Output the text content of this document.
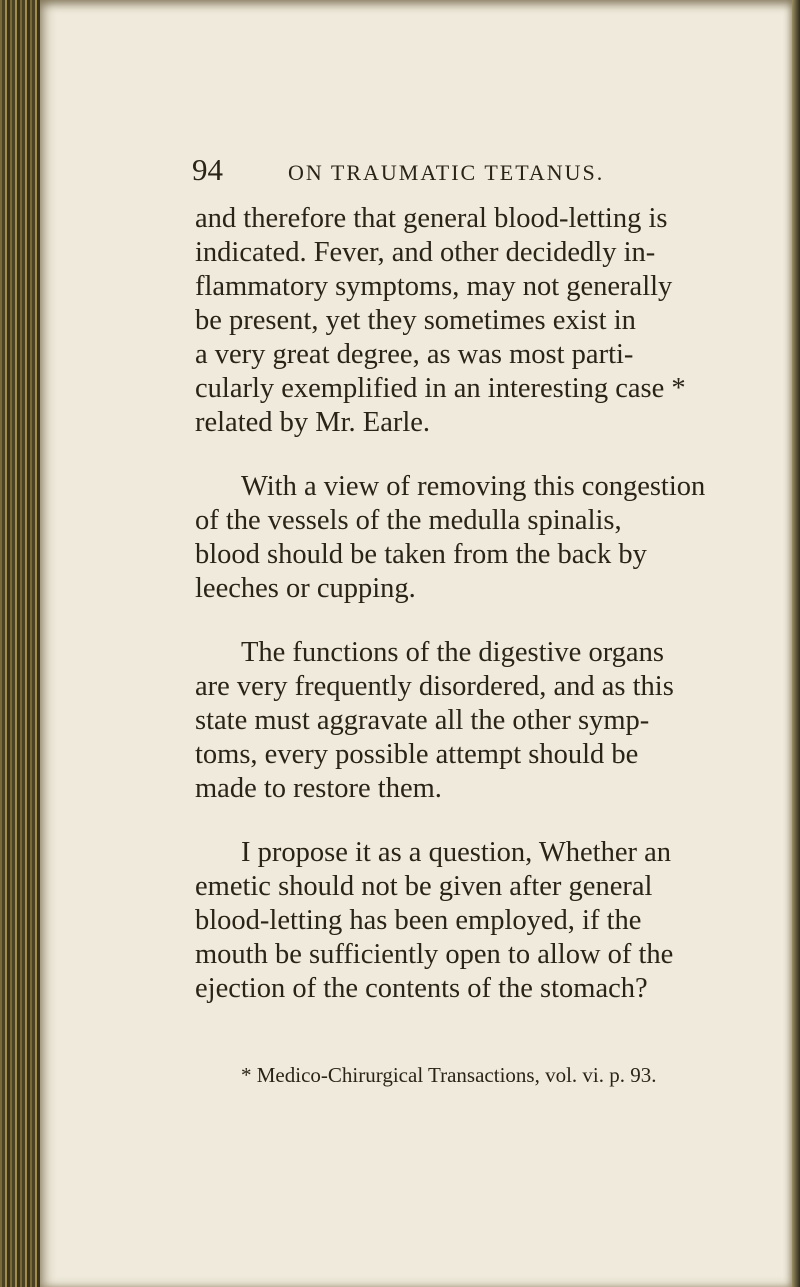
94	ON TRAUMATIC TETANUS.

and therefore that general blood-letting is
indicated. Fever, and other decidedly in-
flammatory symptoms, may not generally
be present, yet they sometimes exist in
a very great degree, as was most parti-
cularly exemplified in an interesting case *
related by Mr. Earle.

With a view of removing this congestion
of the vessels of the medulla spinalis,
blood should be taken from the back by
leeches or cupping.

The functions of the digestive organs
are very frequently disordered, and as this
state must aggravate all the other symp-
toms, every possible attempt should be
made to restore them.

I propose it as a question, Whether an
emetic should not be given after general
blood-letting has been employed, if the
mouth be sufficiently open to allow of the
ejection of the contents of the stomach?

* Medico-Chirurgical Transactions, vol. vi. p. 93.
